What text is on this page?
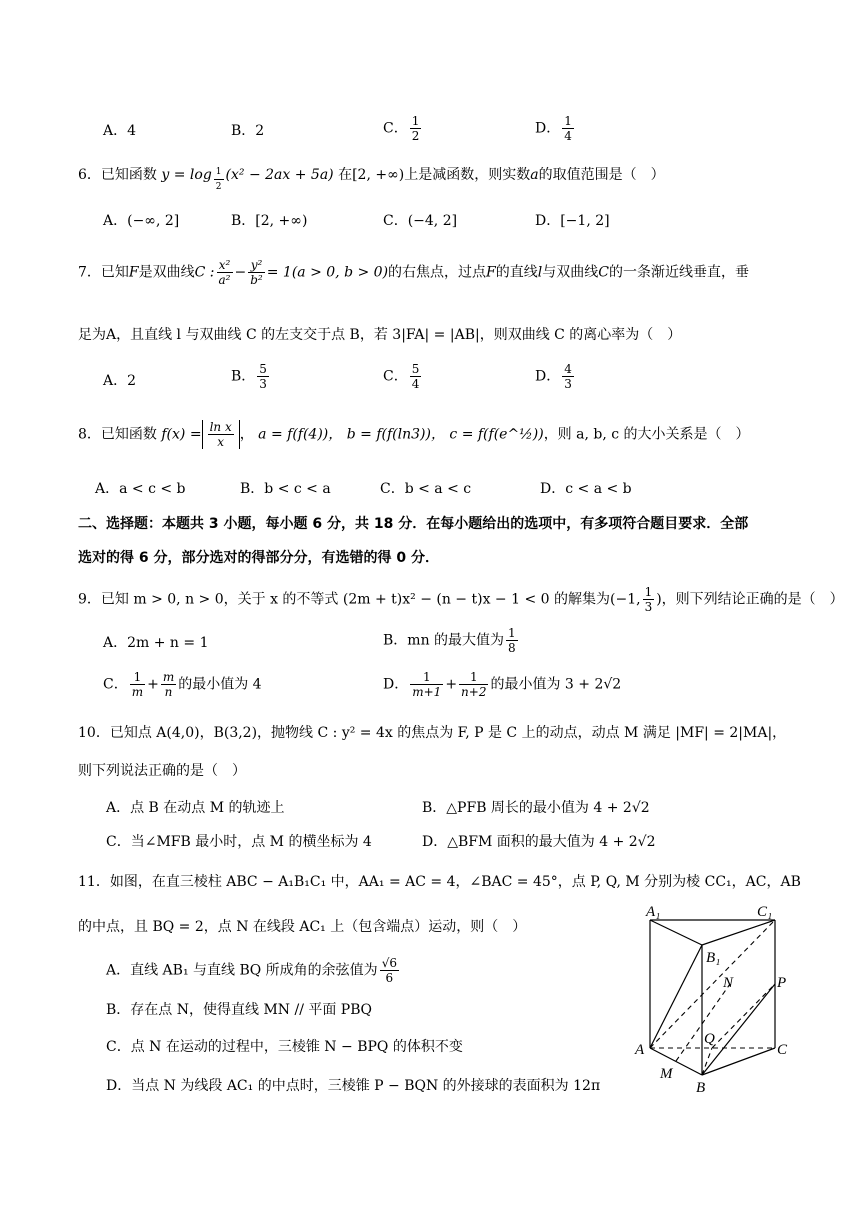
A．4	B．2	C． $\frac{1}{2}$	D． $\frac{1}{4}$
6．已知函数 $y = \log \frac{1}{2} (x^2 - 2ax + 5a)$ 在[2, +∞)上是减函数，则实数a的取值范围是（　）
A．(−∞, 2]	B．[2, +∞)	C．(−4, 2]	D．[−1, 2]
7．已知F是双曲线C : $\frac{\text{x²}}{\text{a²}} - \frac{\text{y²}}{\text{b²}} = 1(a > 0$, b > 0)的右焦点，过点F的直线l与双曲线C的一条渐近线垂直，垂
足为A，且直线 l 与双曲线 C 的左支交于点 B，若 3|FA| = |AB|，则双曲线 C 的离心率为（　）
A．2	B． $\frac{5}{3}$	C． $\frac{5}{4}$	D． $\frac{4}{3}$
8．已知函数 $f(x) = \frac{\text{ln x}}{x}$ ， a = f(f(4))， b = f(f(ln3))， c = f(f(e^½))，则 a, b, c 的大小关系是（　）
A．a < c < b	B．b < c < a	C．b < a < c	D．c < a < b
二、选择题：本题共 3 小题，每小题 6 分，共 18 分．在每小题给出的选项中，有多项符合题目要求．全部
选对的得 6 分，部分选对的得部分分，有选错的得 0 分．
9．已知 m > 0, n > 0，关于 x 的不等式 (2m + t)x² − (n − t)x − 1 < 0 的解集为(−1, $\frac{1}{3}$ )，则下列结论正确的是（　）
A．2m + n = 1	B．mn 的最大值为 $\frac{1}{8}$
C． $\frac{1}{m} + \frac{m}{n}$ 的最小值为 4	D． $\frac{1}{m+1} + \frac{1}{n+2}$ 的最小值为 3 + 2√2
10．已知点 A(4,0)，B(3,2)，抛物线 C : y² = 4x 的焦点为 F, P 是 C 上的动点，动点 M 满足 |MF| = 2|MA|，
则下列说法正确的是（　）
A．点 B 在动点 M 的轨迹上	B．△PFB 周长的最小值为 4 + 2√2
C．当∠MFB 最小时，点 M 的横坐标为 4	D．△BFM 面积的最大值为 4 + 2√2
11．如图，在直三棱柱 ABC − A₁B₁C₁ 中，AA₁ = AC = 4，∠BAC = 45°，点 P, Q, M 分别为棱 CC₁，AC，AB
的中点，且 BQ = 2，点 N 在线段 AC₁ 上（包含端点）运动，则（　）
A．直线 AB₁ 与直线 BQ 所成角的余弦值为 $\frac{√6}{6}$
B．存在点 N，使得直线 MN // 平面 PBQ
C．点 N 在运动的过程中，三棱锥 N − BPQ 的体积不变
D．当点 N 为线段 AC₁ 的中点时，三棱锥 P − BQN 的外接球的表面积为 12π
A₁	C₁
B₁
N	P
Q
A	C
M
B
